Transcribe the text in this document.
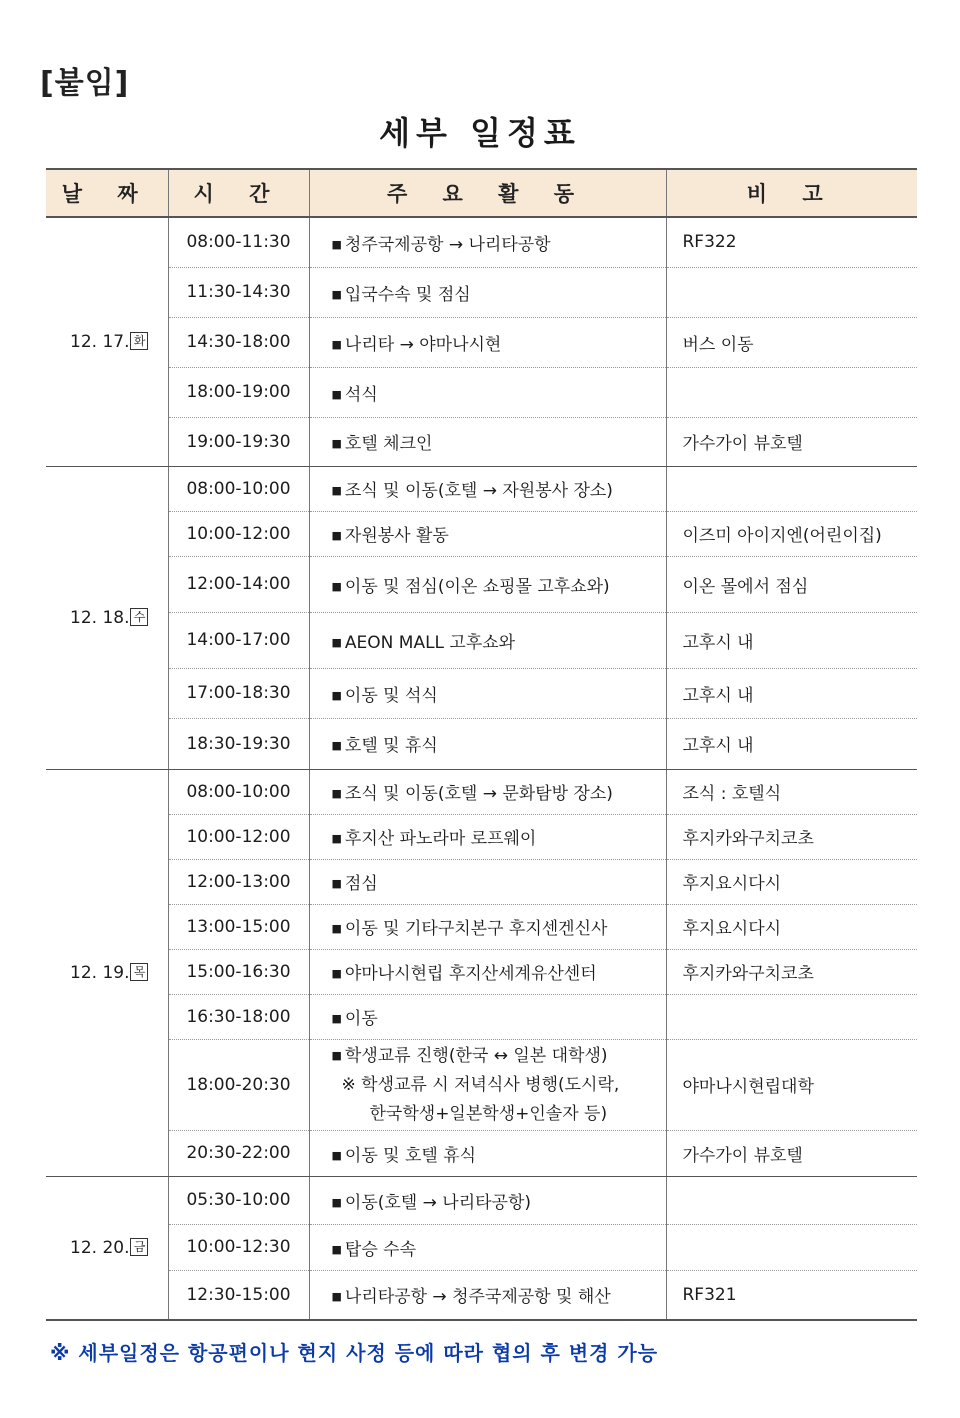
[붙임]
세부 일정표
날 짜	시 간	주 요 활 동	비 고
12. 17. 화	08:00-11:30	■ 청주국제공항 → 나리타공항	RF322
	11:30-14:30	■ 입국수속 및 점심	
	14:30-18:00	■ 나리타 → 야마나시현	버스 이동
	18:00-19:00	■ 석식	
	19:00-19:30	■ 호텔 체크인	가수가이 뷰호텔
12. 18. 수	08:00-10:00	■ 조식 및 이동(호텔 → 자원봉사 장소)	
	10:00-12:00	■ 자원봉사 활동	이즈미 아이지엔(어린이집)
	12:00-14:00	■ 이동 및 점심(이온 쇼핑몰 고후쇼와)	이온 몰에서 점심
	14:00-17:00	■ AEON MALL 고후쇼와	고후시 내
	17:00-18:30	■ 이동 및 석식	고후시 내
	18:30-19:30	■ 호텔 및 휴식	고후시 내
12. 19. 목	08:00-10:00	■ 조식 및 이동(호텔 → 문화탐방 장소)	조식 : 호텔식
	10:00-12:00	■ 후지산 파노라마 로프웨이	후지카와구치코초
	12:00-13:00	■ 점심	후지요시다시
	13:00-15:00	■ 이동 및 기타구치본구 후지센겐신사	후지요시다시
	15:00-16:30	■ 야마나시현립 후지산세계유산센터	후지카와구치코초
	16:30-18:00	■ 이동	
	18:00-20:30	■ 학생교류 진행(한국 ↔ 일본 대학생)
※ 학생교류 시 저녁식사 병행(도시락,
한국학생+일본학생+인솔자 등)	야마나시현립대학
	20:30-22:00	■ 이동 및 호텔 휴식	가수가이 뷰호텔
12. 20. 금	05:30-10:00	■ 이동(호텔 → 나리타공항)	
	10:00-12:30	■ 탑승 수속	
	12:30-15:00	■ 나리타공항 → 청주국제공항 및 해산	RF321
※ 세부일정은 항공편이나 현지 사정 등에 따라 협의 후 변경 가능
